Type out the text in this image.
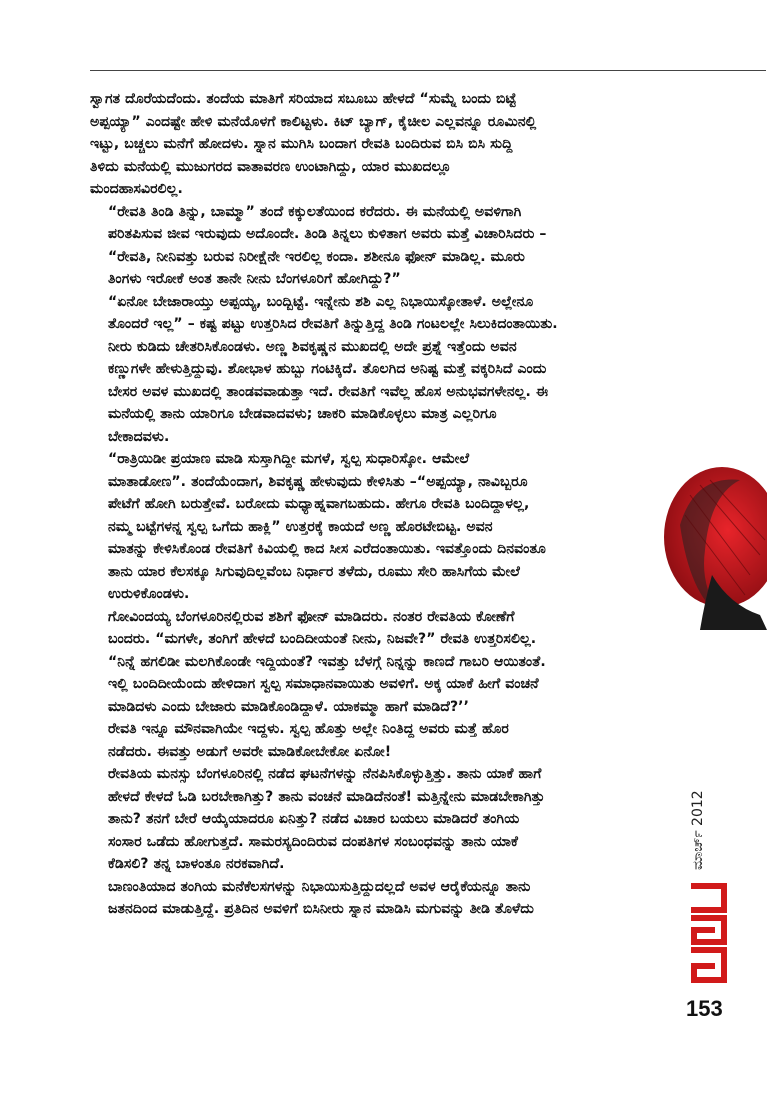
ಸ್ವಾಗತ ದೊರೆಯದೆಂದು. ತಂದೆಯ ಮಾತಿಗೆ ಸರಿಯಾದ ಸಬೂಬು ಹೇಳದೆ “ಸುಮ್ನೆ ಬಂದು ಬಿಟ್ಟೆ
ಅಪ್ಪಯ್ಯಾ” ಎಂದಷ್ಟೇ ಹೇಳಿ ಮನೆಯೊಳಗೆ ಕಾಲಿಟ್ಟಳು. ಕಿಟ್ ಬ್ಯಾಗ್, ಕೈಚೀಲ ಎಲ್ಲವನ್ನೂ ರೂಮಿನಲ್ಲಿ
ಇಟ್ಟು, ಬಚ್ಚಲು ಮನೆಗೆ ಹೋದಳು. ಸ್ನಾನ ಮುಗಿಸಿ ಬಂದಾಗ ರೇವತಿ ಬಂದಿರುವ ಬಿಸಿ ಬಿಸಿ ಸುದ್ದಿ
ತಿಳಿದು ಮನೆಯಲ್ಲಿ ಮುಜುಗರದ ವಾತಾವರಣ ಉಂಟಾಗಿದ್ದು, ಯಾರ ಮುಖದಲ್ಲೂ
ಮಂದಹಾಸವಿರಲಿಲ್ಲ.
“ರೇವತಿ ತಿಂಡಿ ತಿನ್ನು, ಬಾಮ್ಮಾ” ತಂದೆ ಕಕ್ಕುಲತೆಯಿಂದ ಕರೆದರು. ಈ ಮನೆಯಲ್ಲಿ ಅವಳಿಗಾಗಿ
ಪರಿತಪಿಸುವ ಜೀವ ಇರುವುದು ಅದೊಂದೇ. ತಿಂಡಿ ತಿನ್ನಲು ಕುಳಿತಾಗ ಅವರು ಮತ್ತೆ ವಿಚಾರಿಸಿದರು –
“ರೇವತಿ, ನೀನಿವತ್ತು ಬರುವ ನಿರೀಕ್ಷೆನೇ ಇರಲಿಲ್ಲ ಕಂದಾ. ಶಶೀನೂ ಫೋನ್ ಮಾಡಿಲ್ಲ. ಮೂರು
ತಿಂಗಳು ಇರೋಕೆ ಅಂತ ತಾನೇ ನೀನು ಬೆಂಗಳೂರಿಗೆ ಹೋಗಿದ್ದು?”
“ಏನೋ ಬೇಜಾರಾಯ್ತು ಅಪ್ಪಯ್ಯ, ಬಂದ್ಬಿಟ್ಟೆ. ಇನ್ನೇನು ಶಶಿ ಎಲ್ಲ ನಿಭಾಯಿಸ್ಕೋತಾಳೆ. ಅಲ್ಲೇನೂ
ತೊಂದರೆ ಇಲ್ಲ” – ಕಷ್ಟ ಪಟ್ಟು ಉತ್ತರಿಸಿದ ರೇವತಿಗೆ ತಿನ್ನುತ್ತಿದ್ದ ತಿಂಡಿ ಗಂಟಲಲ್ಲೇ ಸಿಲುಕಿದಂತಾಯಿತು.
ನೀರು ಕುಡಿದು ಚೇತರಿಸಿಕೊಂಡಳು. ಅಣ್ಣ ಶಿವಕೃಷ್ಣನ ಮುಖದಲ್ಲಿ ಅದೇ ಪ್ರಶ್ನೆ ಇತ್ತೆಂದು ಅವನ
ಕಣ್ಣುಗಳೇ ಹೇಳುತ್ತಿದ್ದುವು. ಶೋಭಾಳ ಹುಬ್ಬು ಗಂಟಿಕ್ಕಿದೆ. ತೊಲಗಿದ ಅನಿಷ್ಟ ಮತ್ತೆ ವಕ್ಕರಿಸಿದೆ ಎಂದು
ಬೇಸರ ಅವಳ ಮುಖದಲ್ಲಿ ತಾಂಡವವಾಡುತ್ತಾ ಇದೆ. ರೇವತಿಗೆ ಇವೆಲ್ಲ ಹೊಸ ಅನುಭವಗಳೇನಲ್ಲ. ಈ
ಮನೆಯಲ್ಲಿ ತಾನು ಯಾರಿಗೂ ಬೇಡವಾದವಳು; ಚಾಕರಿ ಮಾಡಿಕೊಳ್ಳಲು ಮಾತ್ರ ಎಲ್ಲರಿಗೂ
ಬೇಕಾದವಳು.
“ರಾತ್ರಿಯಿಡೀ ಪ್ರಯಾಣ ಮಾಡಿ ಸುಸ್ತಾಗಿದ್ದೀ ಮಗಳೆ, ಸ್ವಲ್ಪ ಸುಧಾರಿಸ್ಕೋ. ಆಮೇಲೆ
ಮಾತಾಡೋಣ”. ತಂದೆಯೆಂದಾಗ, ಶಿವಕೃಷ್ಣ ಹೇಳುವುದು ಕೇಳಿಸಿತು –“ಅಪ್ಪಯ್ಯಾ, ನಾವಿಬ್ಬರೂ
ಪೇಟೆಗೆ ಹೋಗಿ ಬರುತ್ತೇವೆ. ಬರೋದು ಮಧ್ಯಾಹ್ನವಾಗಬಹುದು. ಹೇಗೂ ರೇವತಿ ಬಂದಿದ್ದಾಳಲ್ಲ,
ನಮ್ಮ ಬಟ್ಟೆಗಳನ್ನ ಸ್ವಲ್ಪ ಒಗೆದು ಹಾಕ್ಲಿ” ಉತ್ತರಕ್ಕೆ ಕಾಯದೆ ಅಣ್ಣ ಹೊರಟೇಬಿಟ್ಟ. ಅವನ
ಮಾತನ್ನು ಕೇಳಿಸಿಕೊಂಡ ರೇವತಿಗೆ ಕಿವಿಯಲ್ಲಿ ಕಾದ ಸೀಸ ಎರೆದಂತಾಯಿತು. ಇವತ್ತೊಂದು ದಿನವಂತೂ
ತಾನು ಯಾರ ಕೆಲಸಕ್ಕೂ ಸಿಗುವುದಿಲ್ಲವೆಂಬ ನಿರ್ಧಾರ ತಳೆದು, ರೂಮು ಸೇರಿ ಹಾಸಿಗೆಯ ಮೇಲೆ
ಉರುಳಿಕೊಂಡಳು.
ಗೋವಿಂದಯ್ಯ ಬೆಂಗಳೂರಿನಲ್ಲಿರುವ ಶಶಿಗೆ ಫೋನ್ ಮಾಡಿದರು. ನಂತರ ರೇವತಿಯ ಕೋಣೆಗೆ
ಬಂದರು. “ಮಗಳೇ, ತಂಗಿಗೆ ಹೇಳದೆ ಬಂದಿದೀಯಂತೆ ನೀನು, ನಿಜವೇ?” ರೇವತಿ ಉತ್ತರಿಸಲಿಲ್ಲ.
“ನಿನ್ನೆ ಹಗಲಿಡೀ ಮಲಗಿಕೊಂಡೇ ಇದ್ದಿಯಂತೆ? ಇವತ್ತು ಬೆಳಗ್ಗೆ ನಿನ್ನನ್ನು ಕಾಣದೆ ಗಾಬರಿ ಆಯಿತಂತೆ.
ಇಲ್ಲಿ ಬಂದಿದೀಯೆಂದು ಹೇಳಿದಾಗ ಸ್ವಲ್ಪ ಸಮಾಧಾನವಾಯಿತು ಅವಳಿಗೆ. ಅಕ್ಕ ಯಾಕೆ ಹೀಗೆ ವಂಚನೆ
ಮಾಡಿದಳು ಎಂದು ಬೇಜಾರು ಮಾಡಿಕೊಂಡಿದ್ದಾಳೆ. ಯಾಕಮ್ಮಾ ಹಾಗೆ ಮಾಡಿದೆ?’’
ರೇವತಿ ಇನ್ನೂ ಮೌನವಾಗಿಯೇ ಇದ್ದಳು. ಸ್ವಲ್ಪ ಹೊತ್ತು ಅಲ್ಲೇ ನಿಂತಿದ್ದ ಅವರು ಮತ್ತೆ ಹೊರ
ನಡೆದರು. ಈವತ್ತು ಅಡುಗೆ ಅವರೇ ಮಾಡಿಕೋಬೇಕೋ ಏನೋ!
ರೇವತಿಯ ಮನಸ್ಸು ಬೆಂಗಳೂರಿನಲ್ಲಿ ನಡೆದ ಘಟನೆಗಳನ್ನು ನೆನಪಿಸಿಕೊಳ್ಳುತ್ತಿತ್ತು. ತಾನು ಯಾಕೆ ಹಾಗೆ
ಹೇಳದೆ ಕೇಳದೆ ಓಡಿ ಬರಬೇಕಾಗಿತ್ತು? ತಾನು ವಂಚನೆ ಮಾಡಿದೆನಂತೆ! ಮತ್ತಿನ್ನೇನು ಮಾಡಬೇಕಾಗಿತ್ತು
ತಾನು? ತನಗೆ ಬೇರೆ ಆಯ್ಕೆಯಾದರೂ ಏನಿತ್ತು? ನಡೆದ ವಿಚಾರ ಬಯಲು ಮಾಡಿದರೆ ತಂಗಿಯ
ಸಂಸಾರ ಒಡೆದು ಹೋಗುತ್ತದೆ. ಸಾಮರಸ್ಯದಿಂದಿರುವ ದಂಪತಿಗಳ ಸಂಬಂಧವನ್ನು ತಾನು ಯಾಕೆ
ಕೆಡಿಸಲಿ? ತನ್ನ ಬಾಳಂತೂ ನರಕವಾಗಿದೆ.
ಬಾಣಂತಿಯಾದ ತಂಗಿಯ ಮನೆಕೆಲಸಗಳನ್ನು ನಿಭಾಯಿಸುತ್ತಿದ್ದುದಲ್ಲದೆ ಅವಳ ಆರೈಕೆಯನ್ನೂ ತಾನು
ಜತನದಿಂದ ಮಾಡುತ್ತಿದ್ದೆ. ಪ್ರತಿದಿನ ಅವಳಿಗೆ ಬಿಸಿನೀರು ಸ್ನಾನ ಮಾಡಿಸಿ ಮಗುವನ್ನು ತೀಡಿ ತೊಳೆದು
ಮಾರ್ಚ್ 2012
153
